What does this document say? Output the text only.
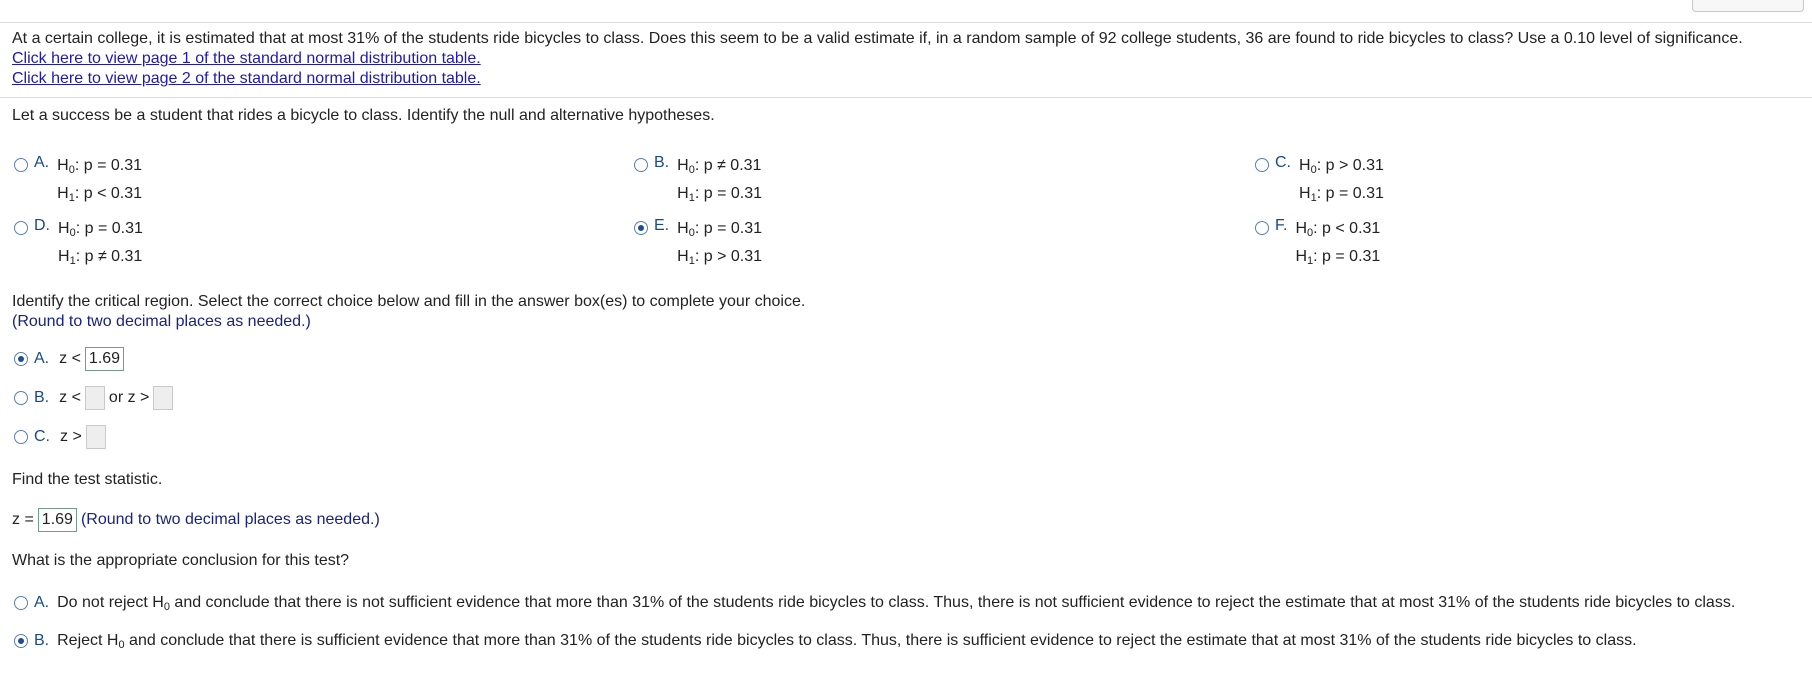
At a certain college, it is estimated that at most 31% of the students ride bicycles to class. Does this seem to be a valid estimate if, in a random sample of 92 college students, 36 are found to ride bicycles to class? Use a 0.10 level of significance.
Click here to view page 1 of the standard normal distribution table.
Click here to view page 2 of the standard normal distribution table.
Let a success be a student that rides a bicycle to class. Identify the null and alternative hypotheses.
A. $H_0$: p = 0.31
$H_1$: p < 0.31
B. $H_0$: p ≠ 0.31
$H_1$: p = 0.31
C. $H_0$: p > 0.31
$H_1$: p = 0.31
D. $H_0$: p = 0.31
$H_1$: p ≠ 0.31
E. $H_0$: p = 0.31
$H_1$: p > 0.31
F. $H_0$: p < 0.31
$H_1$: p = 0.31
Identify the critical region. Select the correct choice below and fill in the answer box(es) to complete your choice.
(Round to two decimal places as needed.)
A. z < 1.69
B. z < or z >
C. z >
Find the test statistic.
z = 1.69 (Round to two decimal places as needed.)
What is the appropriate conclusion for this test?
A. Do not reject $H_0$ and conclude that there is not sufficient evidence that more than 31% of the students ride bicycles to class. Thus, there is not sufficient evidence to reject the estimate that at most 31% of the students ride bicycles to class.
B. Reject $H_0$ and conclude that there is sufficient evidence that more than 31% of the students ride bicycles to class. Thus, there is sufficient evidence to reject the estimate that at most 31% of the students ride bicycles to class.
